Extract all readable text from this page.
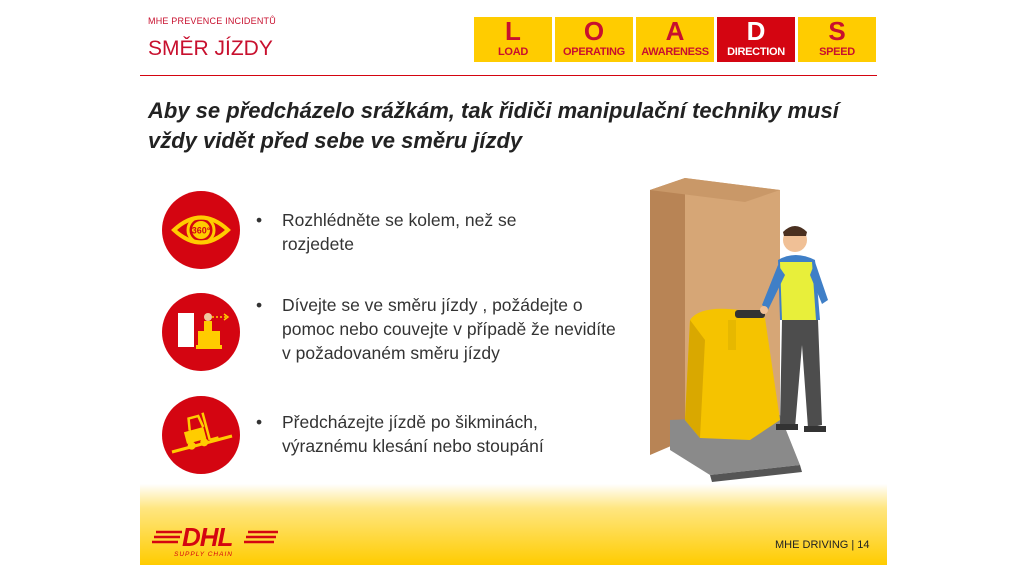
MHE PREVENCE INCIDENTŮ
SMĚR JÍZDY
L
LOAD
O
OPERATING
A
AWARENESS
D
DIRECTION
S
SPEED
Aby se předcházelo srážkám, tak řidiči manipulační techniky musí vždy vidět před sebe ve směru jízdy
360°
• Rozhlédněte se kolem, než se rozjedete
• Dívejte se ve směru jízdy , požádejte o pomoc nebo couvejte v případě že nevidíte v požadovaném směru jízdy
• Předcházejte jízdě po šikminách, výraznému klesání nebo stoupání
DHL
SUPPLY CHAIN
MHE DRIVING | 14
